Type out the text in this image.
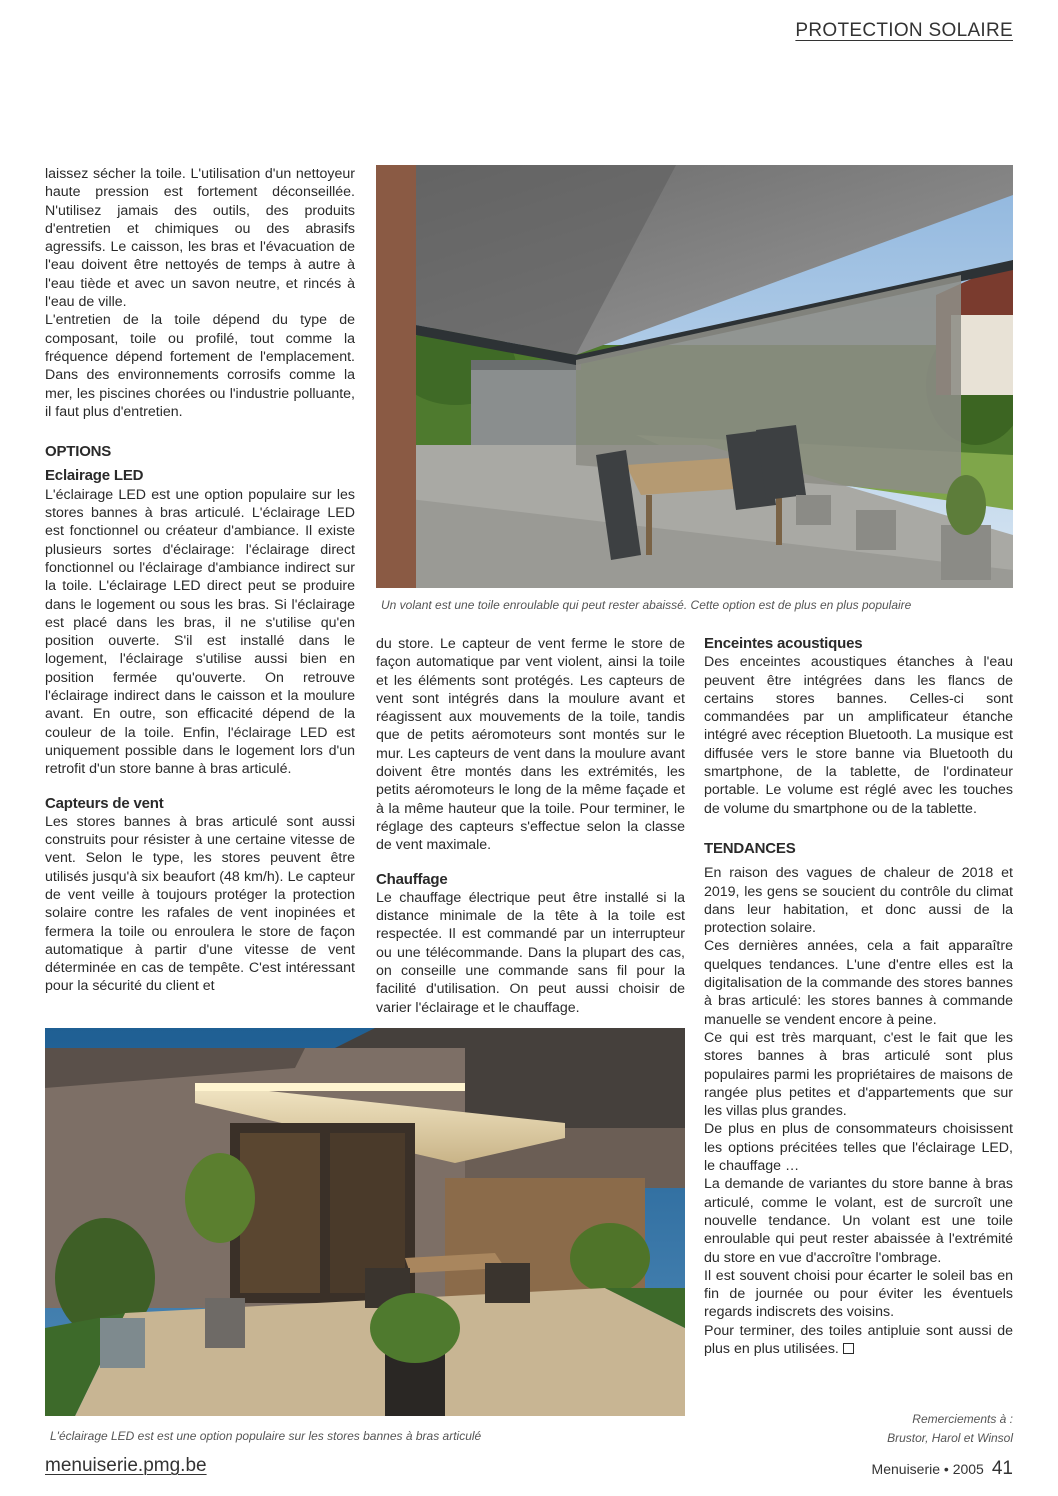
PROTECTION SOLAIRE
Un volant est une toile enroulable qui peut rester abaissé. Cette option est de plus en plus populaire

laissez sécher la toile. L'utilisation d'un nettoyeur haute pression est fortement déconseillée. N'utilisez jamais des outils, des produits d'entretien et chimiques ou des abrasifs agressifs. Le caisson, les bras et l'évacuation de l'eau doivent être nettoyés de temps à autre à l'eau tiède et avec un savon neutre, et rincés à l'eau de ville.

L'entretien de la toile dépend du type de composant, toile ou profilé, tout comme la fréquence dépend fortement de l'emplacement. Dans des environnements corrosifs comme la mer, les piscines chorées ou l'industrie polluante, il faut plus d'entretien.

OPTIONS
Eclairage LED

L'éclairage LED est une option populaire sur les stores bannes à bras articulé. L'éclairage LED est fonctionnel ou créateur d'ambiance. Il existe plusieurs sortes d'éclairage: l'éclairage direct fonctionnel ou l'éclairage d'ambiance indirect sur la toile. L'éclairage LED direct peut se produire dans le logement ou sous les bras. Si l'éclairage est placé dans les bras, il ne s'utilise qu'en position ouverte. S'il est installé dans le logement, l'éclairage s'utilise aussi bien en position fermée qu'ouverte. On retrouve l'éclairage indirect dans le caisson et la moulure avant. En outre, son efficacité dépend de la couleur de la toile. Enfin, l'éclairage LED est uniquement possible dans le logement lors d'un retrofit d'un store banne à bras articulé.

Capteurs de vent

Les stores bannes à bras articulé sont aussi construits pour résister à une certaine vitesse de vent. Selon le type, les stores peuvent être utilisés jusqu'à six beaufort (48 km/h). Le capteur de vent veille à toujours protéger la protection solaire contre les rafales de vent inopinées et fermera la toile ou enroulera le store de façon automatique à partir d'une vitesse de vent déterminée en cas de tempête. C'est intéressant pour la sécurité du client et

du store. Le capteur de vent ferme le store de façon automatique par vent violent, ainsi la toile et les éléments sont protégés. Les capteurs de vent sont intégrés dans la moulure avant et réagissent aux mouvements de la toile, tandis que de petits aéromoteurs sont montés sur le mur. Les capteurs de vent dans la moulure avant doivent être montés dans les extrémités, les petits aéromoteurs le long de la même façade et à la même hauteur que la toile. Pour terminer, le réglage des capteurs s'effectue selon la classe de vent maximale.

Chauffage

Le chauffage électrique peut être installé si la distance minimale de la tête à la toile est respectée. Il est commandé par un interrupteur ou une télécommande. Dans la plupart des cas, on conseille une commande sans fil pour la facilité d'utilisation. On peut aussi choisir de varier l'éclairage et le chauffage.

Enceintes acoustiques

Des enceintes acoustiques étanches à l'eau peuvent être intégrées dans les flancs de certains stores bannes. Celles-ci sont commandées par un amplificateur étanche intégré avec réception Bluetooth. La musique est diffusée vers le store banne via Bluetooth du smartphone, de la tablette, de l'ordinateur portable. Le volume est réglé avec les touches de volume du smartphone ou de la tablette.

TENDANCES

En raison des vagues de chaleur de 2018 et 2019, les gens se soucient du contrôle du climat dans leur habitation, et donc aussi de la protection solaire.

Ces dernières années, cela a fait apparaître quelques tendances. L'une d'entre elles est la digitalisation de la commande des stores bannes à bras articulé: les stores bannes à commande manuelle se vendent encore à peine.

Ce qui est très marquant, c'est le fait que les stores bannes à bras articulé sont plus populaires parmi les propriétaires de maisons de rangée plus petites et d'appartements que sur les villas plus grandes.

De plus en plus de consommateurs choisissent les options précitées telles que l'éclairage LED, le chauffage …

La demande de variantes du store banne à bras articulé, comme le volant, est de surcroît une nouvelle tendance. Un volant est une toile enroulable qui peut rester abaissée à l'extrémité du store en vue d'accroître l'ombrage.

Il est souvent choisi pour écarter le soleil bas en fin de journée ou pour éviter les éventuels regards indiscrets des voisins.

Pour terminer, des toiles antipluie sont aussi de plus en plus utilisées.

L'éclairage LED est est une option populaire sur les stores bannes à bras articulé
Remerciements à :
Brustor, Harol et Winsol
menuiserie.pmg.be	Menuiserie • 2005 41
